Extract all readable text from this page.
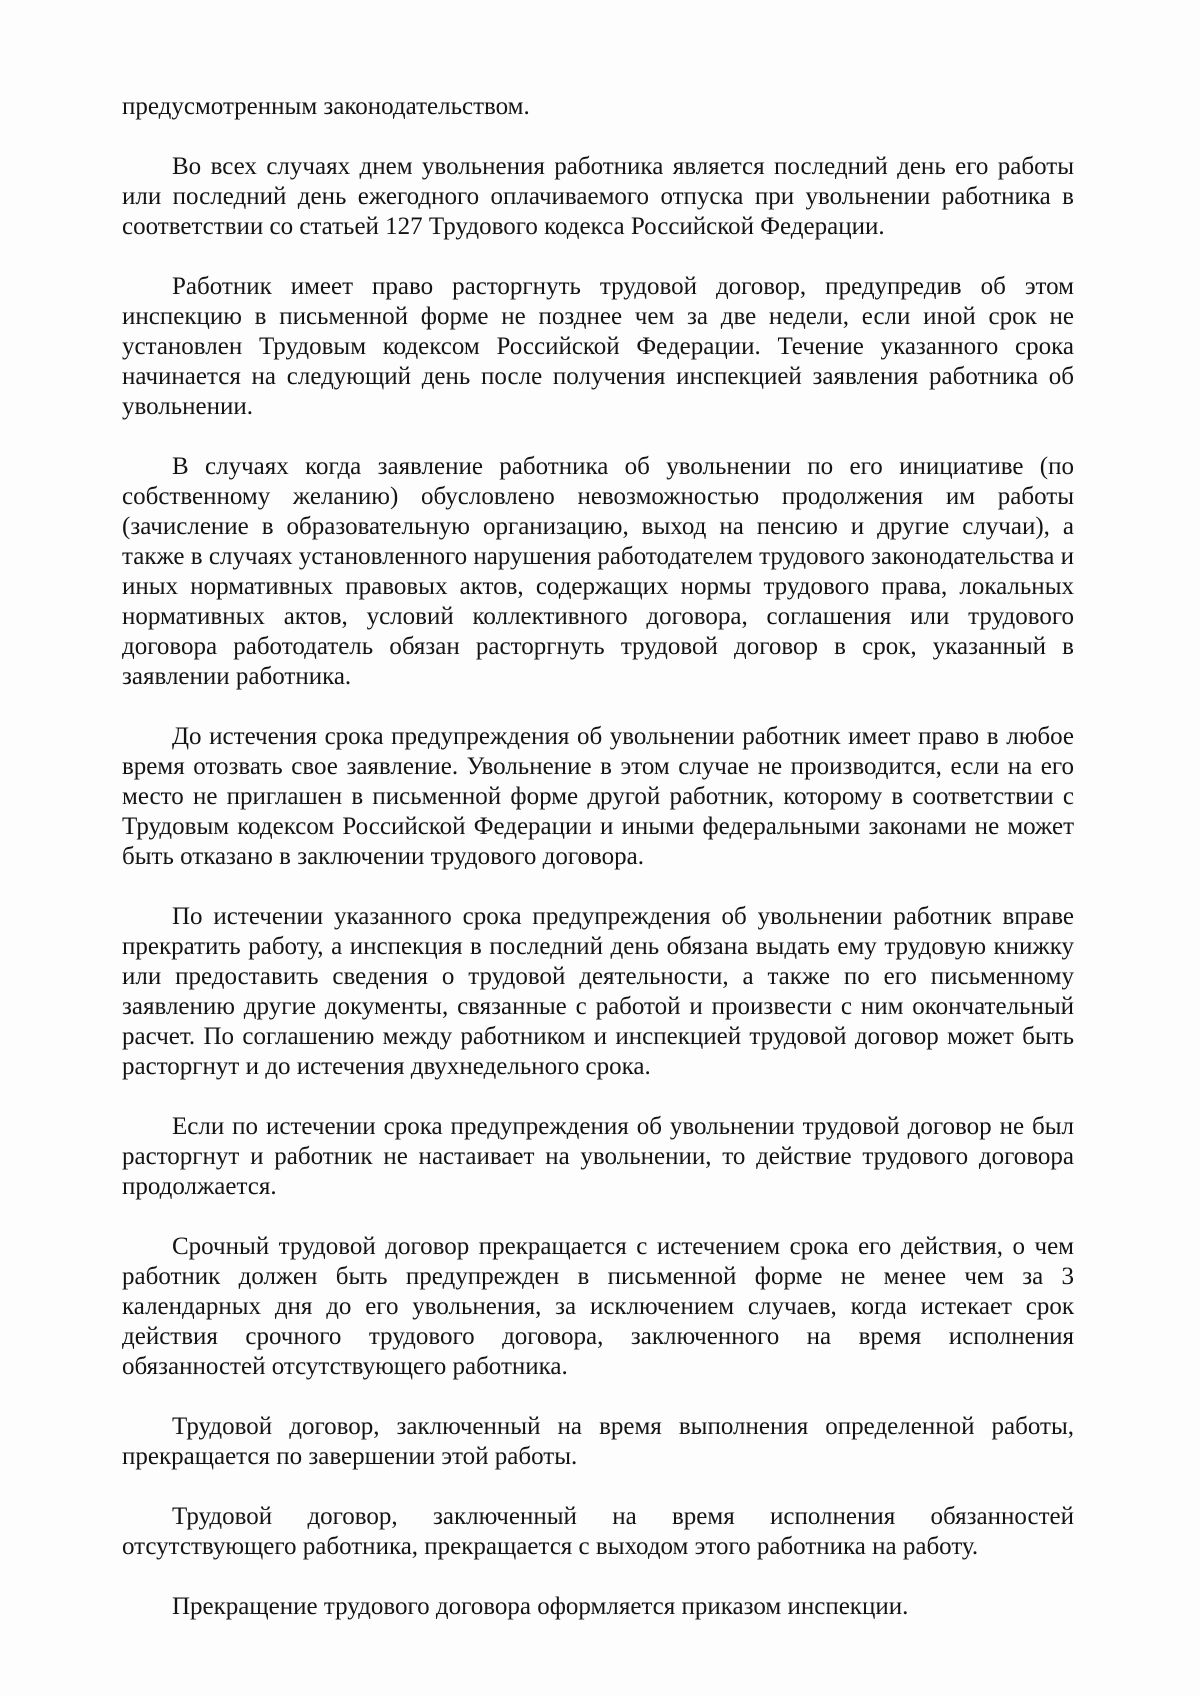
предусмотренным законодательством.

Во всех случаях днем увольнения работника является последний день его работы или последний день ежегодного оплачиваемого отпуска при увольнении работника в соответствии со статьей 127 Трудового кодекса Российской Федерации.

Работник имеет право расторгнуть трудовой договор, предупредив об этом инспекцию в письменной форме не позднее чем за две недели, если иной срок не установлен Трудовым кодексом Российской Федерации. Течение указанного срока начинается на следующий день после получения инспекцией заявления работника об увольнении.

В случаях когда заявление работника об увольнении по его инициативе (по собственному желанию) обусловлено невозможностью продолжения им работы (зачисление в образовательную организацию, выход на пенсию и другие случаи), а также в случаях установленного нарушения работодателем трудового законодательства и иных нормативных правовых актов, содержащих нормы трудового права, локальных нормативных актов, условий коллективного договора, соглашения или трудового договора работодатель обязан расторгнуть трудовой договор в срок, указанный в заявлении работника.

До истечения срока предупреждения об увольнении работник имеет право в любое время отозвать свое заявление. Увольнение в этом случае не производится, если на его место не приглашен в письменной форме другой работник, которому в соответствии с Трудовым кодексом Российской Федерации и иными федеральными законами не может быть отказано в заключении трудового договора.

По истечении указанного срока предупреждения об увольнении работник вправе прекратить работу, а инспекция в последний день обязана выдать ему трудовую книжку или предоставить сведения о трудовой деятельности, а также по его письменному заявлению другие документы, связанные с работой и произвести с ним окончательный расчет. По соглашению между работником и инспекцией трудовой договор может быть расторгнут и до истечения двухнедельного срока.

Если по истечении срока предупреждения об увольнении трудовой договор не был расторгнут и работник не настаивает на увольнении, то действие трудового договора продолжается.

Срочный трудовой договор прекращается с истечением срока его действия, о чем работник должен быть предупрежден в письменной форме не менее чем за 3 календарных дня до его увольнения, за исключением случаев, когда истекает срок действия срочного трудового договора, заключенного на время исполнения обязанностей отсутствующего работника.

Трудовой договор, заключенный на время выполнения определенной работы, прекращается по завершении этой работы.

Трудовой договор, заключенный на время исполнения обязанностей отсутствующего работника, прекращается с выходом этого работника на работу.

Прекращение трудового договора оформляется приказом инспекции.
